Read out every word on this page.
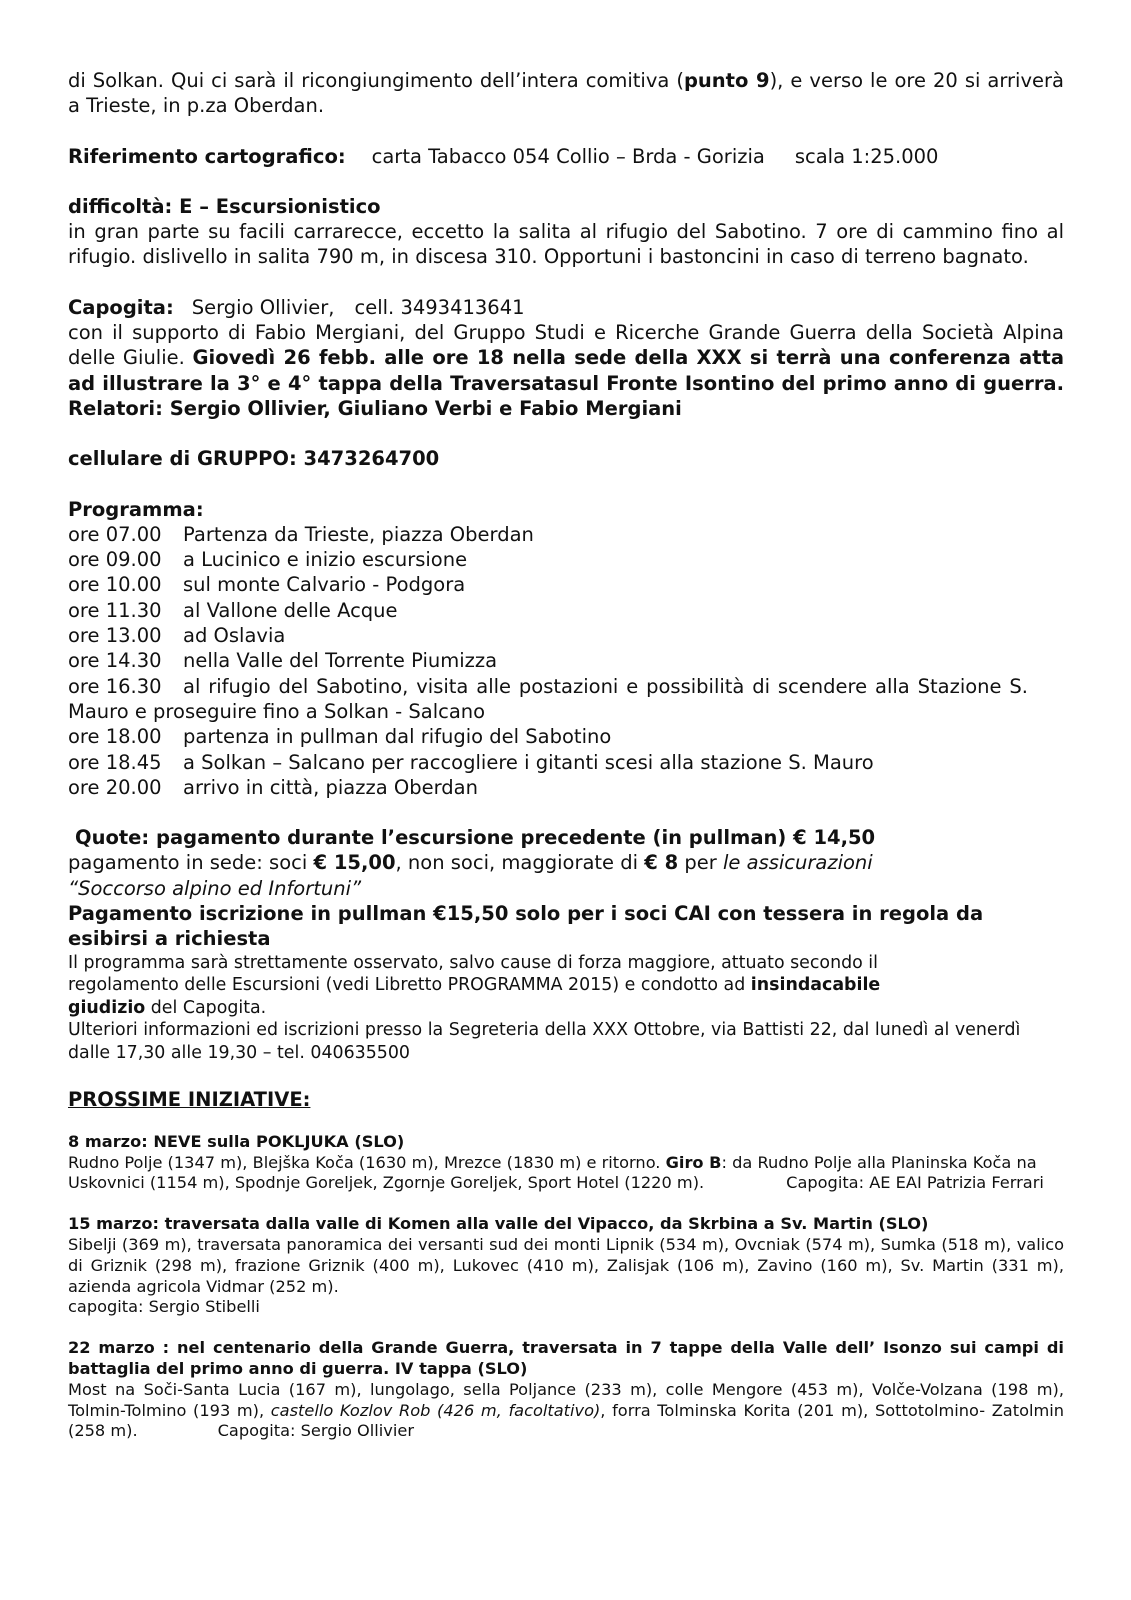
di Solkan. Qui ci sarà il ricongiungimento dell’intera comitiva (punto 9), e verso le ore 20 si arriverà a Trieste, in p.za Oberdan.

Riferimento cartografico: carta Tabacco 054 Collio – Brda - Gorizia scala 1:25.000

difficoltà: E – Escursionistico

in gran parte su facili carrarecce, eccetto la salita al rifugio del Sabotino. 7 ore di cammino fino al rifugio. dislivello in salita 790 m, in discesa 310. Opportuni i bastoncini in caso di terreno bagnato.

Capogita: Sergio Ollivier, cell. 3493413641

con il supporto di Fabio Mergiani, del Gruppo Studi e Ricerche Grande Guerra della Società Alpina delle Giulie. Giovedì 26 febb. alle ore 18 nella sede della XXX si terrà una conferenza atta ad illustrare la 3° e 4° tappa della Traversatasul Fronte Isontino del primo anno di guerra. Relatori: Sergio Ollivier, Giuliano Verbi e Fabio Mergiani

cellulare di GRUPPO: 3473264700

Programma:

ore 07.00 Partenza da Trieste, piazza Oberdan
ore 09.00 a Lucinico e inizio escursione
ore 10.00 sul monte Calvario - Podgora
ore 11.30 al Vallone delle Acque
ore 13.00 ad Oslavia
ore 14.30 nella Valle del Torrente Piumizza
ore 16.30 al rifugio del Sabotino, visita alle postazioni e possibilità di scendere alla Stazione S. Mauro e proseguire fino a Solkan - Salcano
ore 18.00 partenza in pullman dal rifugio del Sabotino
ore 18.45 a Solkan – Salcano per raccogliere i gitanti scesi alla stazione S. Mauro
ore 20.00 arrivo in città, piazza Oberdan

Quote: pagamento durante l’escursione precedente (in pullman) € 14,50

pagamento in sede: soci € 15,00, non soci, maggiorate di € 8 per le assicurazioni

“Soccorso alpino ed Infortuni”

Pagamento iscrizione in pullman €15,50 solo per i soci CAI con tessera in regola da esibirsi a richiesta

Il programma sarà strettamente osservato, salvo cause di forza maggiore, attuato secondo il regolamento delle Escursioni (vedi Libretto PROGRAMMA 2015) e condotto ad insindacabile giudizio del Capogita.

Ulteriori informazioni ed iscrizioni presso la Segreteria della XXX Ottobre, via Battisti 22, dal lunedì al venerdì dalle 17,30 alle 19,30 – tel. 040635500

PROSSIME INIZIATIVE:

8 marzo: NEVE sulla POKLJUKA (SLO)

Rudno Polje (1347 m), Blejška Koča (1630 m), Mrezce (1830 m) e ritorno. Giro B: da Rudno Polje alla Planinska Koča na Uskovnici (1154 m), Spodnje Goreljek, Zgornje Goreljek, Sport Hotel (1220 m).	Capogita: AE EAI Patrizia Ferrari

15 marzo: traversata dalla valle di Komen alla valle del Vipacco, da Skrbina a Sv. Martin (SLO)

Sibelji (369 m), traversata panoramica dei versanti sud dei monti Lipnik (534 m), Ovcniak (574 m), Sumka (518 m), valico di Griznik (298 m), frazione Griznik (400 m), Lukovec (410 m), Zalisjak (106 m), Zavino (160 m), Sv. Martin (331 m), azienda agricola Vidmar (252 m).

capogita: Sergio Stibelli

22 marzo : nel centenario della Grande Guerra, traversata in 7 tappe della Valle dell’ Isonzo sui campi di battaglia del primo anno di guerra. IV tappa (SLO)

Most na Soči-Santa Lucia (167 m), lungolago, sella Poljance (233 m), colle Mengore (453 m), Volče-Volzana (198 m), Tolmin-Tolmino (193 m), castello Kozlov Rob (426 m, facoltativo), forra Tolminska Korita (201 m), Sottotolmino- Zatolmin (258 m).	Capogita: Sergio Ollivier
